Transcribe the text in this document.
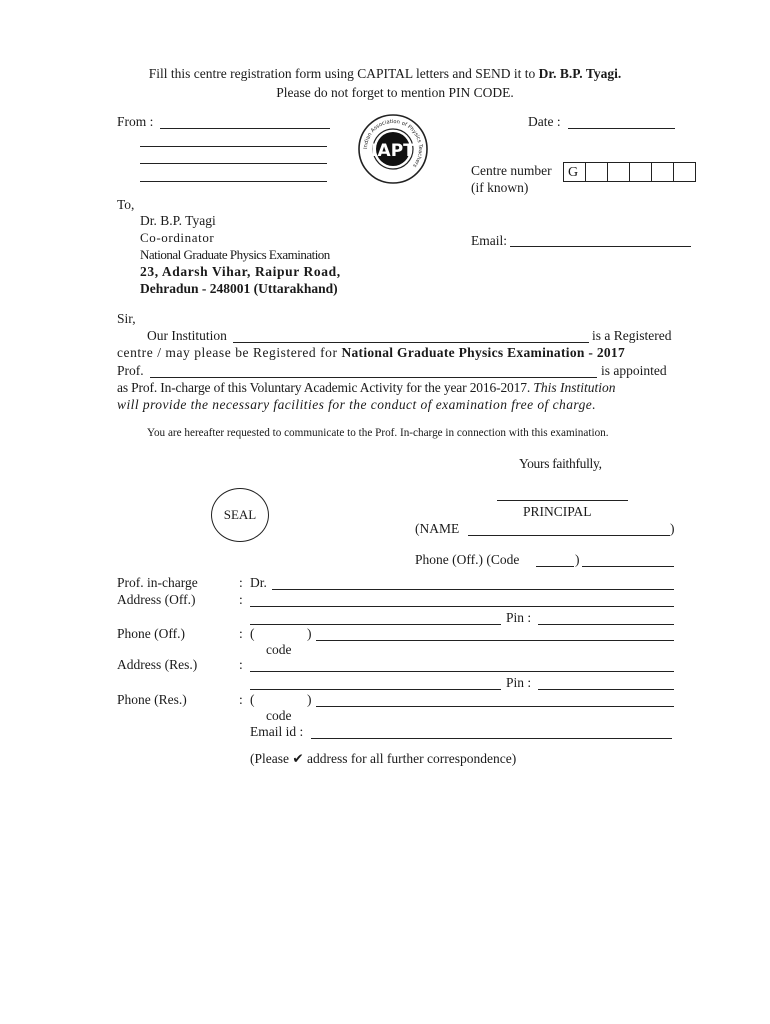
Fill this centre registration form using CAPITAL letters and SEND it to Dr. B.P. Tyagi.
Please do not forget to mention PIN CODE.
From :
Indian Association of Physics Teachers
IAPT
Date :
Centre number
(if known)
G
To,
Dr. B.P. Tyagi
Co-ordinator
National Graduate Physics Examination
23, Adarsh Vihar, Raipur Road,
Dehradun - 248001 (Uttarakhand)
Email:
Sir,
Our Institution	is a Registered
centre / may please be Registered for National Graduate Physics Examination - 2017
Prof.	is appointed
as Prof. In-charge of this Voluntary Academic Activity for the year 2016-2017. This Institution
will provide the necessary facilities for the conduct of examination free of charge.
You are hereafter requested to communicate to the Prof. In-charge in connection with this examination.
Yours faithfully,
SEAL	PRINCIPAL
(NAME	)
Phone (Off.) (Code	)
Prof. in-charge	: Dr.
Address (Off.)	:
Pin :
Phone (Off.)	: (	)
code
Address (Res.)	:
Pin :
Phone (Res.)	: (	)
code
Email id :
(Please ✔ address for all further correspondence)
